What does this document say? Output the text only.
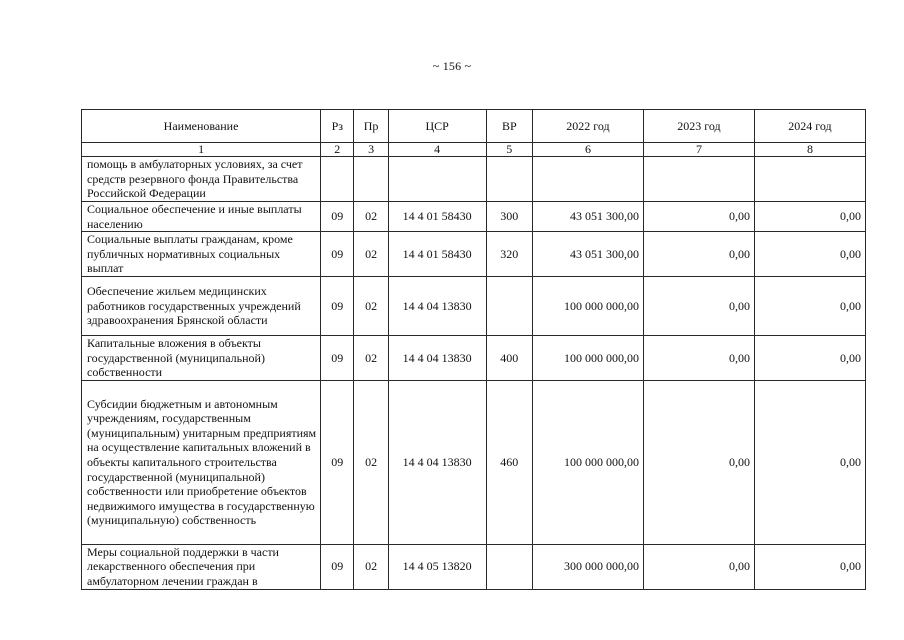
~ 156 ~
Наименование	Рз	Пр	ЦСР	ВР	2022 год	2023 год	2024 год
1	2	3	4	5	6	7	8
помощь в амбулаторных условиях, за счет средств резервного фонда Правительства Российской Федерации							
Социальное обеспечение и иные выплаты населению	09	02	14 4 01 58430	300	43 051 300,00	0,00	0,00
Социальные выплаты гражданам, кроме публичных нормативных социальных выплат	09	02	14 4 01 58430	320	43 051 300,00	0,00	0,00
Обеспечение жильем медицинских работников государственных учреждений здравоохранения Брянской области	09	02	14 4 04 13830		100 000 000,00	0,00	0,00
Капитальные вложения в объекты государственной (муниципальной) собственности	09	02	14 4 04 13830	400	100 000 000,00	0,00	0,00
Субсидии бюджетным и автономным учреждениям, государственным (муниципальным) унитарным предприятиям на осуществление капитальных вложений в объекты капитального строительства государственной (муниципальной) собственности или приобретение объектов недвижимого имущества в государственную (муниципальную) собственность	09	02	14 4 04 13830	460	100 000 000,00	0,00	0,00
Меры социальной поддержки в части лекарственного обеспечения при амбулаторном лечении граждан в	09	02	14 4 05 13820		300 000 000,00	0,00	0,00
